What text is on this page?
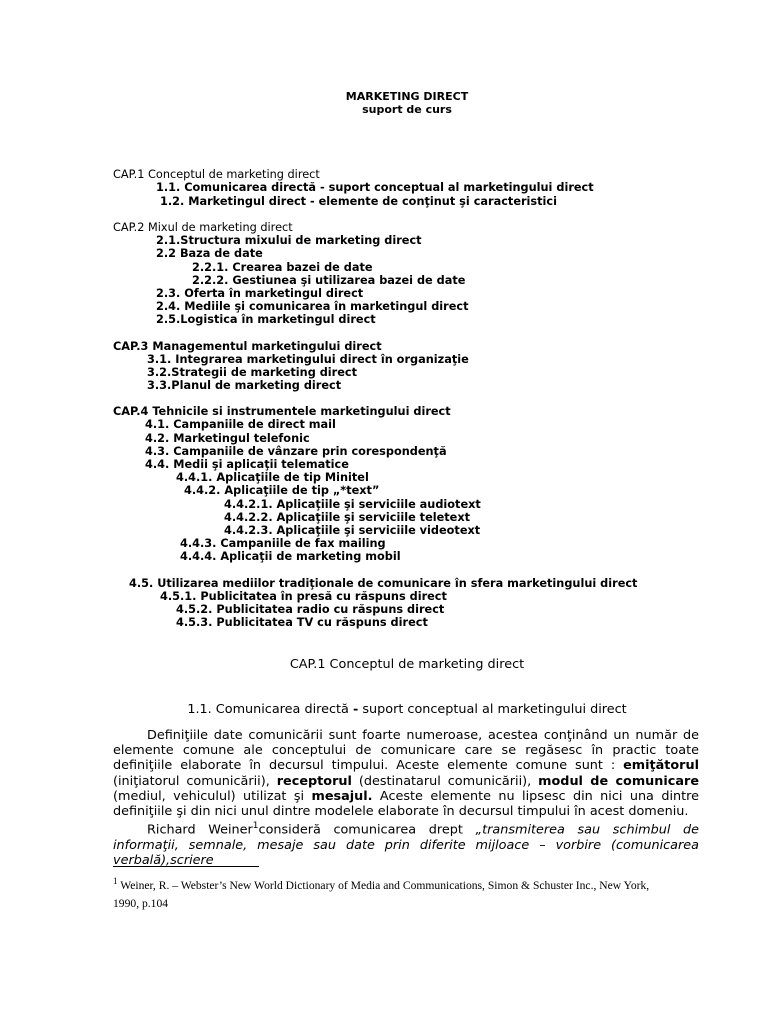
MARKETING DIRECT
suport de curs
CAP.1 Conceptul de marketing direct
1.1. Comunicarea directă - suport conceptual al marketingului direct
1.2. Marketingul direct - elemente de conţinut şi caracteristici
CAP.2 Mixul de marketing direct
2.1.Structura mixului de marketing direct
2.2 Baza de date
2.2.1. Crearea bazei de date
2.2.2. Gestiunea şi utilizarea bazei de date
2.3. Oferta în marketingul direct
2.4. Mediile şi comunicarea în marketingul direct
2.5.Logistica în marketingul direct
CAP.3 Managementul marketingului direct
3.1. Integrarea marketingului direct în organizaţie
3.2.Strategii de marketing direct
3.3.Planul de marketing direct
CAP.4 Tehnicile si instrumentele marketingului direct
4.1. Campaniile de direct mail
4.2. Marketingul telefonic
4.3. Campaniile de vânzare prin corespondenţă
4.4. Medii şi aplicaţii telematice
4.4.1. Aplicaţiile de tip Minitel
4.4.2. Aplicaţiile de tip „*text”
4.4.2.1. Aplicaţiile şi serviciile audiotext
4.4.2.2. Aplicaţiile şi serviciile teletext
4.4.2.3. Aplicaţiile şi serviciile videotext
4.4.3. Campaniile de fax mailing
4.4.4. Aplicaţii de marketing mobil
4.5. Utilizarea mediilor tradiţionale de comunicare în sfera marketingului direct
4.5.1. Publicitatea în presă cu răspuns direct
4.5.2. Publicitatea radio cu răspuns direct
4.5.3. Publicitatea TV cu răspuns direct
CAP.1 Conceptul de marketing direct
1.1. Comunicarea directă - suport conceptual al marketingului direct

Definiţiile date comunicării sunt foarte numeroase, acestea conţinând un număr de elemente comune ale conceptului de comunicare care se regăsesc în practic toate definiţiile elaborate în decursul timpului. Aceste elemente comune sunt : emiţătorul (iniţiatorul comunicării), receptorul (destinatarul comunicării), modul de comunicare (mediul, vehiculul) utilizat şi mesajul. Aceste elemente nu lipsesc din nici una dintre definiţiile şi din nici unul dintre modelele elaborate în decursul timpului în acest domeniu.

Richard Weiner$^1$consideră comunicarea drept „transmiterea sau schimbul de informaţii, semnale, mesaje sau date prin diferite mijloace – vorbire (comunicarea verbală),scriere

$^1$ Weiner, R. – Webster’s New World Dictionary of Media and Communications, Simon & Schuster Inc., New York, 1990, p.104
